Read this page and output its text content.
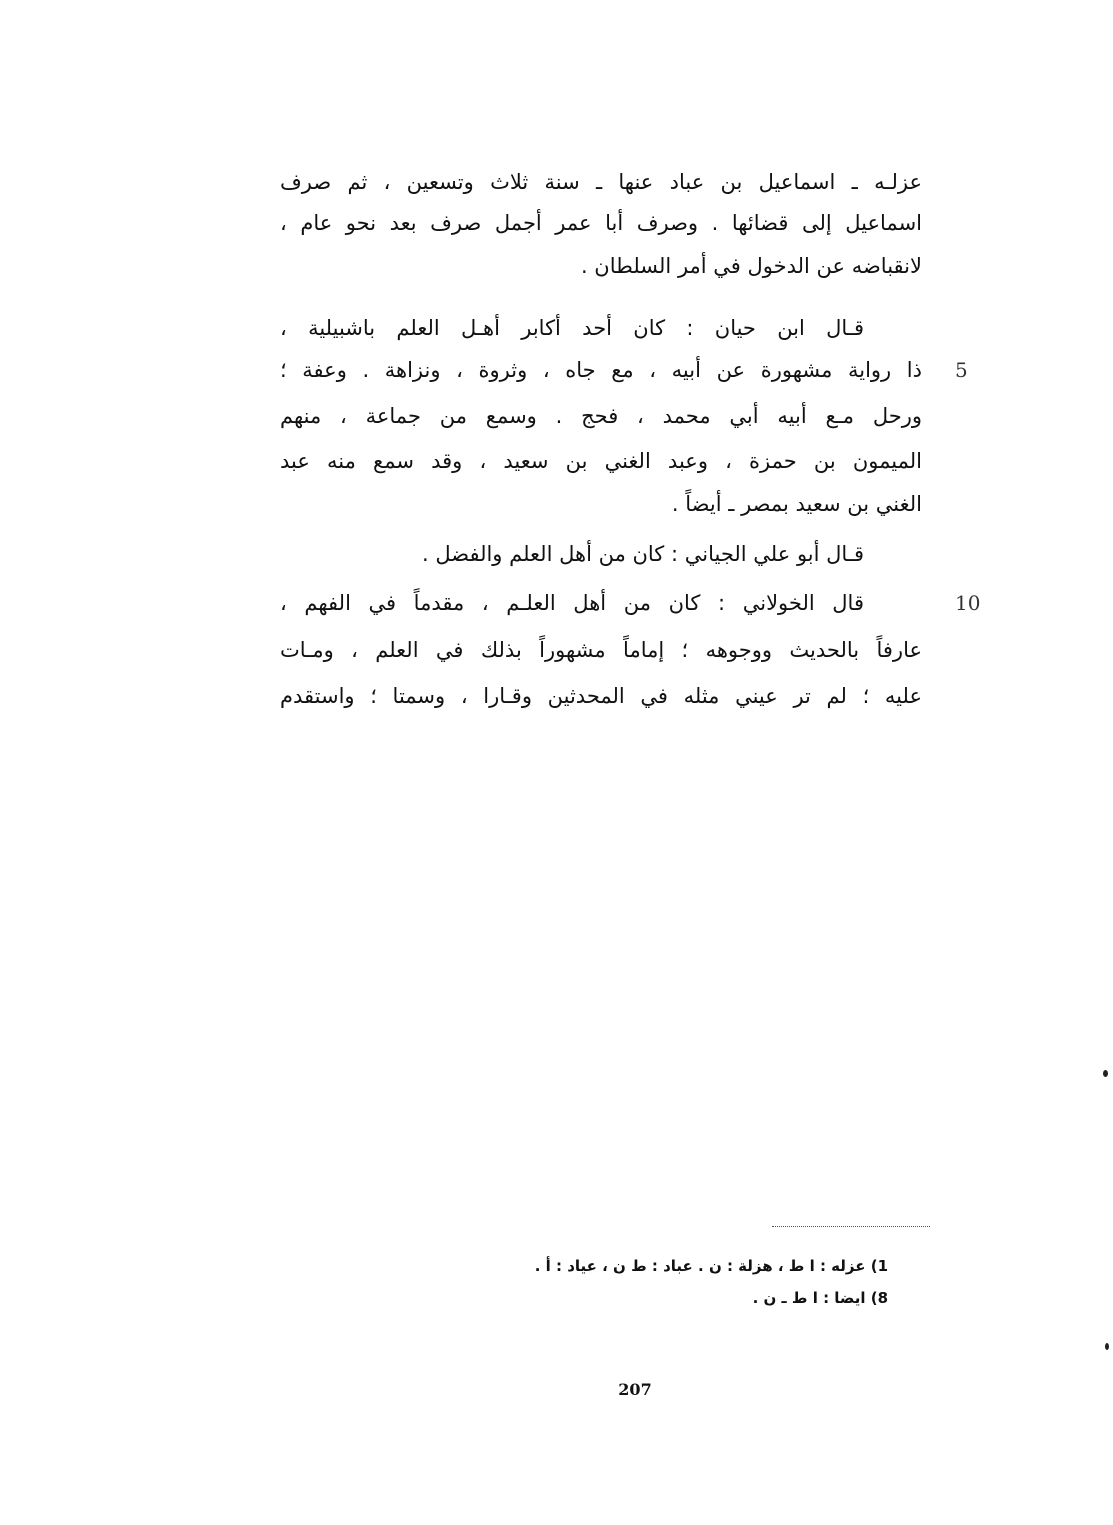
عزلـه ـ اسماعيل بن عباد عنها ـ سنة ثلاث وتسعين ، ثم صرف
اسماعيل إلى قضائها . وصرف أبا عمر أجمل صرف بعد نحو عام ،
لانقباضه عن الدخول في أمر السلطان .
قـال ابن حيان : كان أحد أكابر أهـل العلم باشبيلية ،
5
ذا رواية مشهورة عن أبيه ، مع جاه ، وثروة ، ونزاهة . وعفة ؛
ورحل مـع أبيه أبي محمد ، فحج . وسمع من جماعة ، منهم
الميمون بن حمزة ، وعبد الغني بن سعيد ، وقد سمع منه عبد
الغني بن سعيد بمصر ـ أيضاً .
قـال أبو علي الجياني : كان من أهل العلم والفضل .
10
قال الخولاني : كان من أهل العلـم ، مقدماً في الفهم ،
عارفاً بالحديث ووجوهه ؛ إماماً مشهوراً بذلك في العلم ، ومـات
عليه ؛ لم تر عيني مثله في المحدثين وقـارا ، وسمتا ؛ واستقدم
1) عزله : ا ط ، هزلة : ن . عباد : ط ن ، عياد : أ .
8) ايضا : ا ط ـ ن .
207
